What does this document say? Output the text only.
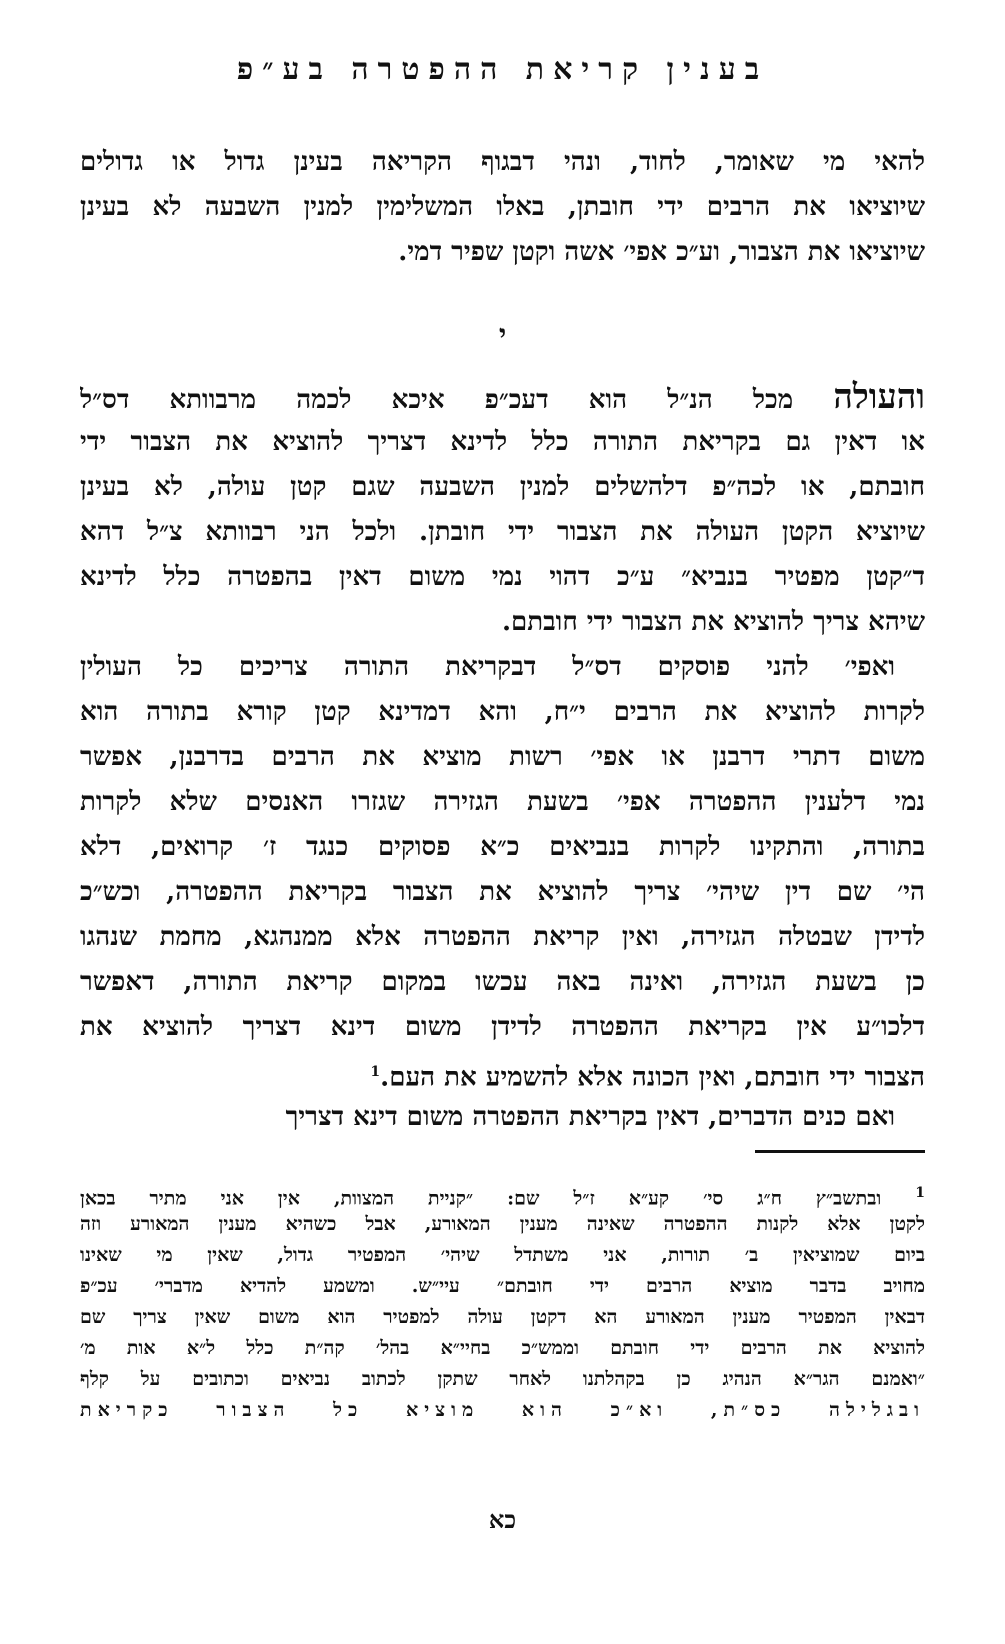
בענין קריאת ההפטרה בע״פ
להאי מי שאומר, לחוד, ונהי דבגוף הקריאה בעינן גדול או גדולים
שיוציאו את הרבים ידי חובתן, באלו המשלימין למנין השבעה לא בעינן
שיוציאו את הצבור, וע״כ אפי׳ אשה וקטן שפיר דמי.
י
והעולה מכל הנ״ל הוא דעכ״פ איכא לכמה מרבוותא דס״ל
או דאין גם בקריאת התורה כלל לדינא דצריך להוציא את הצבור ידי
חובתם, או לכה״פ דלהשלים למנין השבעה שגם קטן עולה, לא בעינן
שיוציא הקטן העולה את הצבור ידי חובתן. ולכל הני רבוותא צ״ל דהא
ד״קטן מפטיר בנביא״ ע״כ דהוי נמי משום דאין בהפטרה כלל לדינא
שיהא צריך להוציא את הצבור ידי חובתם.
ואפי׳ להני פוסקים דס״ל דבקריאת התורה צריכים כל העולין
לקרות להוציא את הרבים י״ח, והא דמדינא קטן קורא בתורה הוא
משום דתרי דרבנן או אפי׳ רשות מוציא את הרבים בדרבנן, אפשר
נמי דלענין ההפטרה אפי׳ בשעת הגזירה שגזרו האנסים שלא לקרות
בתורה, והתקינו לקרות בנביאים כ״א פסוקים כנגד ז׳ קרואים, דלא
הי׳ שם דין שיהי׳ צריך להוציא את הצבור בקריאת ההפטרה, וכש״כ
לדידן שבטלה הגזירה, ואין קריאת ההפטרה אלא ממנהגא, מחמת שנהגו
כן בשעת הגזירה, ואינה באה עכשו במקום קריאת התורה, דאפשר
דלכו״ע אין בקריאת ההפטרה לדידן משום דינא דצריך להוציא את
הצבור ידי חובתם, ואין הכונה אלא להשמיע את העם.$^1$
ואם כנים הדברים, דאין בקריאת ההפטרה משום דינא דצריך
$^1$ ובתשב״ץ ח״ג סי׳ קע״א ז״ל שם: ״קניית המצוות, אין אני מתיר בכאן
לקטן אלא לקנות ההפטרה שאינה מענין המאורע, אבל כשהיא מענין המאורע וזה
ביום שמוציאין ב׳ תורות, אני משתדל שיהי׳ המפטיר גדול, שאין מי שאינו
מחויב בדבר מוציא הרבים ידי חובתם״ עיי״ש. ומשמע להדיא מדברי׳ עכ״פ
דבאין המפטיר מענין המאורע הא דקטן עולה למפטיר הוא משום שאין צריך שם
להוציא את הרבים ידי חובתם וממש״כ בחיי״א בהל׳ קה״ת כלל ל״א אות מ׳
״ואמנם הגר״א הנהיג כן בקהלתנו לאחר שתקן לכתוב נביאים וכתובים על קלף
ובגלילה כס״ת, וא״כ הוא מוציא כל הצבור כקריאת
כא
